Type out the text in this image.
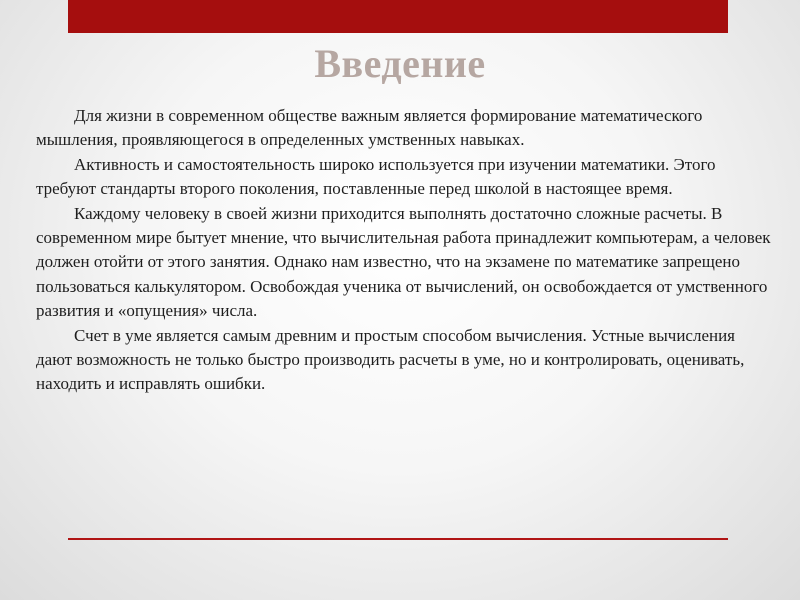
Введение

Для жизни в современном обществе важным является формирование математического мышления, проявляющегося в определенных умственных навыках.

Активность и самостоятельность широко используется при изучении математики. Этого требуют стандарты второго поколения, поставленные перед школой в настоящее время.

Каждому человеку в своей жизни приходится выполнять достаточно сложные расчеты. В современном мире бытует мнение, что вычислительная работа принадлежит компьютерам, а человек должен отойти от этого занятия. Однако нам известно, что на экзамене по математике запрещено пользоваться калькулятором. Освобождая ученика от вычислений, он освобождается от умственного развития и «опущения» числа.

Счет в уме является самым древним и простым способом вычисления. Устные вычисления дают возможность не только быстро производить расчеты в уме, но и контролировать, оценивать, находить и исправлять ошибки.
